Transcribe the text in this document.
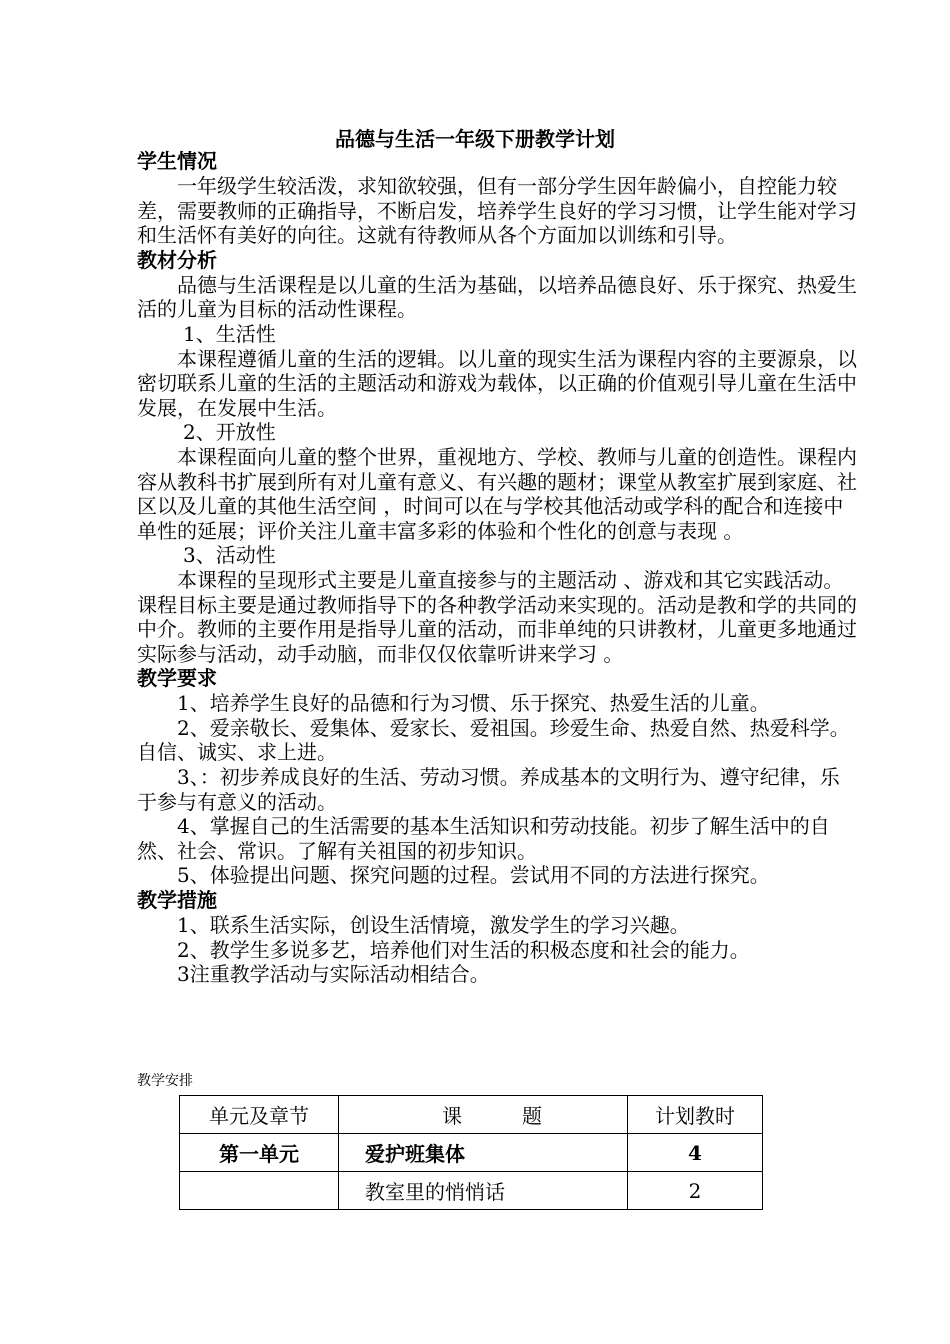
品德与生活一年级下册教学计划

学生情况

一年级学生较活泼，求知欲较强，但有一部分学生因年龄偏小，自控能力较差，需要教师的正确指导，不断启发，培养学生良好的学习习惯，让学生能对学习和生活怀有美好的向往。这就有待教师从各个方面加以训练和引导。

教材分析

品德与生活课程是以儿童的生活为基础，以培养品德良好、乐于探究、热爱生活的儿童为目标的活动性课程。

1、生活性

本课程遵循儿童的生活的逻辑。以儿童的现实生活为课程内容的主要源泉，以密切联系儿童的生活的主题活动和游戏为载体，以正确的价值观引导儿童在生活中发展，在发展中生活。

2、开放性

本课程面向儿童的整个世界，重视地方、学校、教师与儿童的创造性。课程内容从教科书扩展到所有对儿童有意义、有兴趣的题材；课堂从教室扩展到家庭、社区以及儿童的其他生活空间 ，时间可以在与学校其他活动或学科的配合和连接中单性的延展；评价关注儿童丰富多彩的体验和个性化的创意与表现 。

3、活动性

本课程的呈现形式主要是儿童直接参与的主题活动 、游戏和其它实践活动。课程目标主要是通过教师指导下的各种教学活动来实现的。活动是教和学的共同的中介。教师的主要作用是指导儿童的活动，而非单纯的只讲教材，儿童更多地通过实际参与活动，动手动脑，而非仅仅依靠听讲来学习 。

教学要求

1、培养学生良好的品德和行为习惯、乐于探究、热爱生活的儿童。

2、爱亲敬长、爱集体、爱家长、爱祖国。珍爱生命、热爱自然、热爱科学。自信、诚实、求上进。

3、：初步养成良好的生活、劳动习惯。养成基本的文明行为、遵守纪律，乐于参与有意义的活动。

4、掌握自己的生活需要的基本生活知识和劳动技能。初步了解生活中的自然、社会、常识。了解有关祖国的初步知识。

5、体验提出问题、探究问题的过程。尝试用不同的方法进行探究。

教学措施

1、联系生活实际，创设生活情境，激发学生的学习兴趣。

2、教学生多说多艺，培养他们对生活的积极态度和社会的能力。

3注重教学活动与实际活动相结合。

教学安排
单元及章节	课　　　题	计划教时
第一单元	爱护班集体	4
	教室里的悄悄话	2
